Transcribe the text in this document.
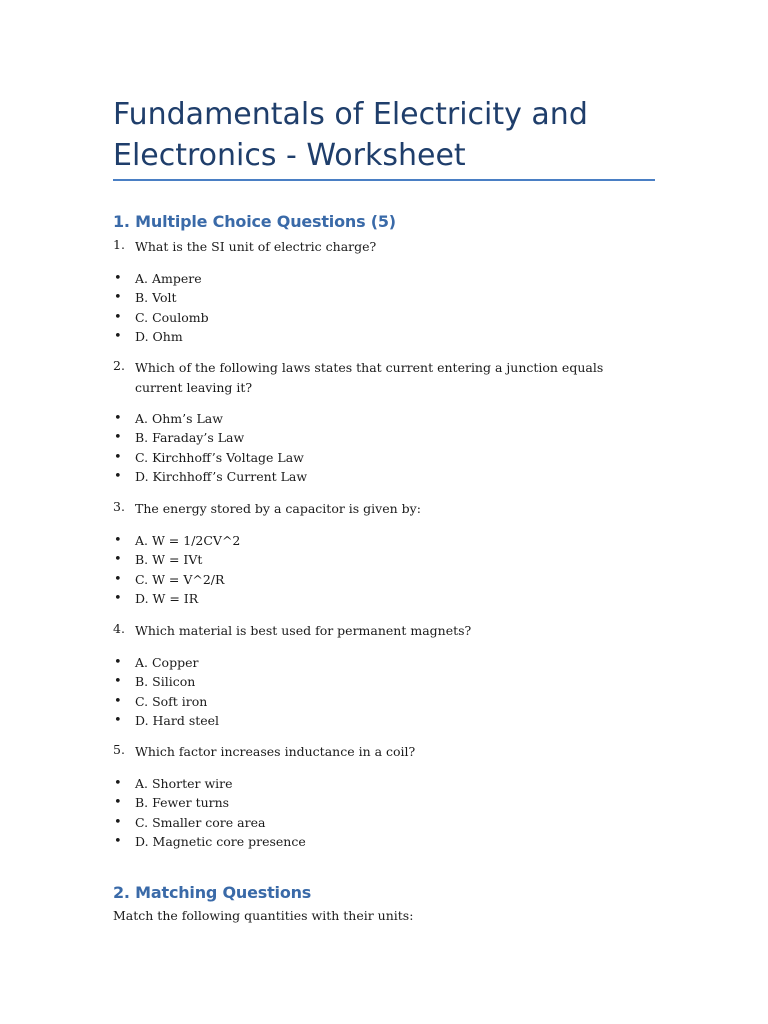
Fundamentals of Electricity and Electronics - Worksheet
1. Multiple Choice Questions (5)
1. What is the SI unit of electric charge?
• A. Ampere
• B. Volt
• C. Coulomb
• D. Ohm
2. Which of the following laws states that current entering a junction equals current leaving it?
• A. Ohm’s Law
• B. Faraday’s Law
• C. Kirchhoff’s Voltage Law
• D. Kirchhoff’s Current Law
3. The energy stored by a capacitor is given by:
• A. W = 1/2CV^2
• B. W = IVt
• C. W = V^2/R
• D. W = IR
4. Which material is best used for permanent magnets?
• A. Copper
• B. Silicon
• C. Soft iron
• D. Hard steel
5. Which factor increases inductance in a coil?
• A. Shorter wire
• B. Fewer turns
• C. Smaller core area
• D. Magnetic core presence
2. Matching Questions

Match the following quantities with their units:
